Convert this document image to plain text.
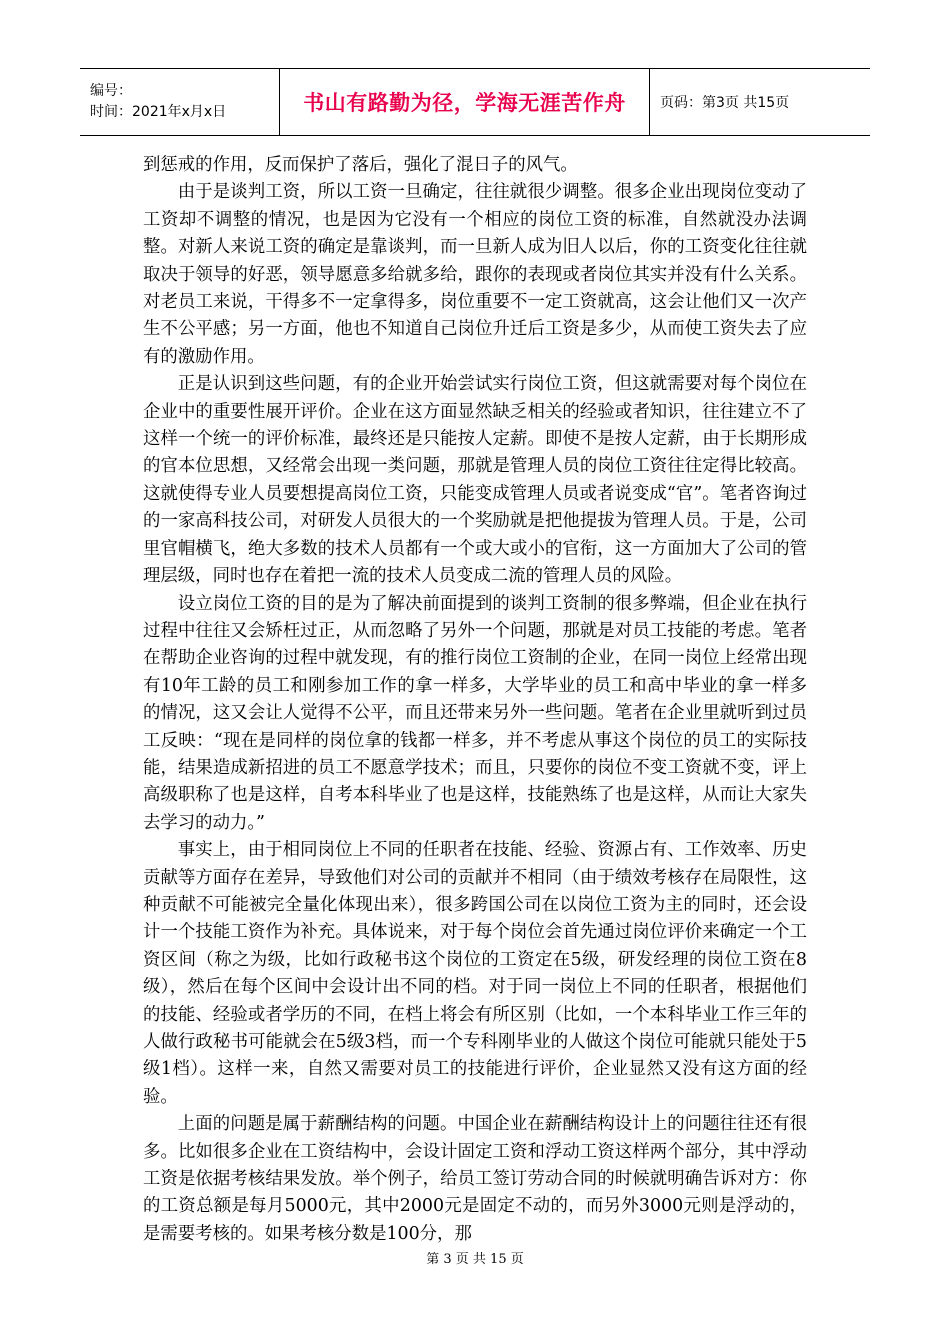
编号：
时间：2021年x月x日	书山有路勤为径，学海无涯苦作舟	页码：第3页 共15页

到惩戒的作用，反而保护了落后，强化了混日子的风气。

由于是谈判工资，所以工资一旦确定，往往就很少调整。很多企业出现岗位变动了工资却不调整的情况，也是因为它没有一个相应的岗位工资的标准，自然就没办法调整。对新人来说工资的确定是靠谈判，而一旦新人成为旧人以后，你的工资变化往往就取决于领导的好恶，领导愿意多给就多给，跟你的表现或者岗位其实并没有什么关系。对老员工来说，干得多不一定拿得多，岗位重要不一定工资就高，这会让他们又一次产生不公平感；另一方面，他也不知道自己岗位升迁后工资是多少，从而使工资失去了应有的激励作用。

正是认识到这些问题，有的企业开始尝试实行岗位工资，但这就需要对每个岗位在企业中的重要性展开评价。企业在这方面显然缺乏相关的经验或者知识，往往建立不了这样一个统一的评价标准，最终还是只能按人定薪。即使不是按人定薪，由于长期形成的官本位思想，又经常会出现一类问题，那就是管理人员的岗位工资往往定得比较高。这就使得专业人员要想提高岗位工资，只能变成管理人员或者说变成“官”。笔者咨询过的一家高科技公司，对研发人员很大的一个奖励就是把他提拔为管理人员。于是，公司里官帽横飞，绝大多数的技术人员都有一个或大或小的官衔，这一方面加大了公司的管理层级，同时也存在着把一流的技术人员变成二流的管理人员的风险。

设立岗位工资的目的是为了解决前面提到的谈判工资制的很多弊端，但企业在执行过程中往往又会矫枉过正，从而忽略了另外一个问题，那就是对员工技能的考虑。笔者在帮助企业咨询的过程中就发现，有的推行岗位工资制的企业，在同一岗位上经常出现有10年工龄的员工和刚参加工作的拿一样多，大学毕业的员工和高中毕业的拿一样多的情况，这又会让人觉得不公平，而且还带来另外一些问题。笔者在企业里就听到过员工反映：“现在是同样的岗位拿的钱都一样多，并不考虑从事这个岗位的员工的实际技能，结果造成新招进的员工不愿意学技术；而且，只要你的岗位不变工资就不变，评上高级职称了也是这样，自考本科毕业了也是这样，技能熟练了也是这样，从而让大家失去学习的动力。”

事实上，由于相同岗位上不同的任职者在技能、经验、资源占有、工作效率、历史贡献等方面存在差异，导致他们对公司的贡献并不相同（由于绩效考核存在局限性，这种贡献不可能被完全量化体现出来），很多跨国公司在以岗位工资为主的同时，还会设计一个技能工资作为补充。具体说来，对于每个岗位会首先通过岗位评价来确定一个工资区间（称之为级，比如行政秘书这个岗位的工资定在5级，研发经理的岗位工资在8级），然后在每个区间中会设计出不同的档。对于同一岗位上不同的任职者，根据他们的技能、经验或者学历的不同，在档上将会有所区别（比如，一个本科毕业工作三年的人做行政秘书可能就会在5级3档，而一个专科刚毕业的人做这个岗位可能就只能处于5级1档）。这样一来，自然又需要对员工的技能进行评价，企业显然又没有这方面的经验。

上面的问题是属于薪酬结构的问题。中国企业在薪酬结构设计上的问题往往还有很多。比如很多企业在工资结构中，会设计固定工资和浮动工资这样两个部分，其中浮动工资是依据考核结果发放。举个例子，给员工签订劳动合同的时候就明确告诉对方：你的工资总额是每月5000元，其中2000元是固定不动的，而另外3000元则是浮动的，是需要考核的。如果考核分数是100分，那

第 3 页 共 15 页
